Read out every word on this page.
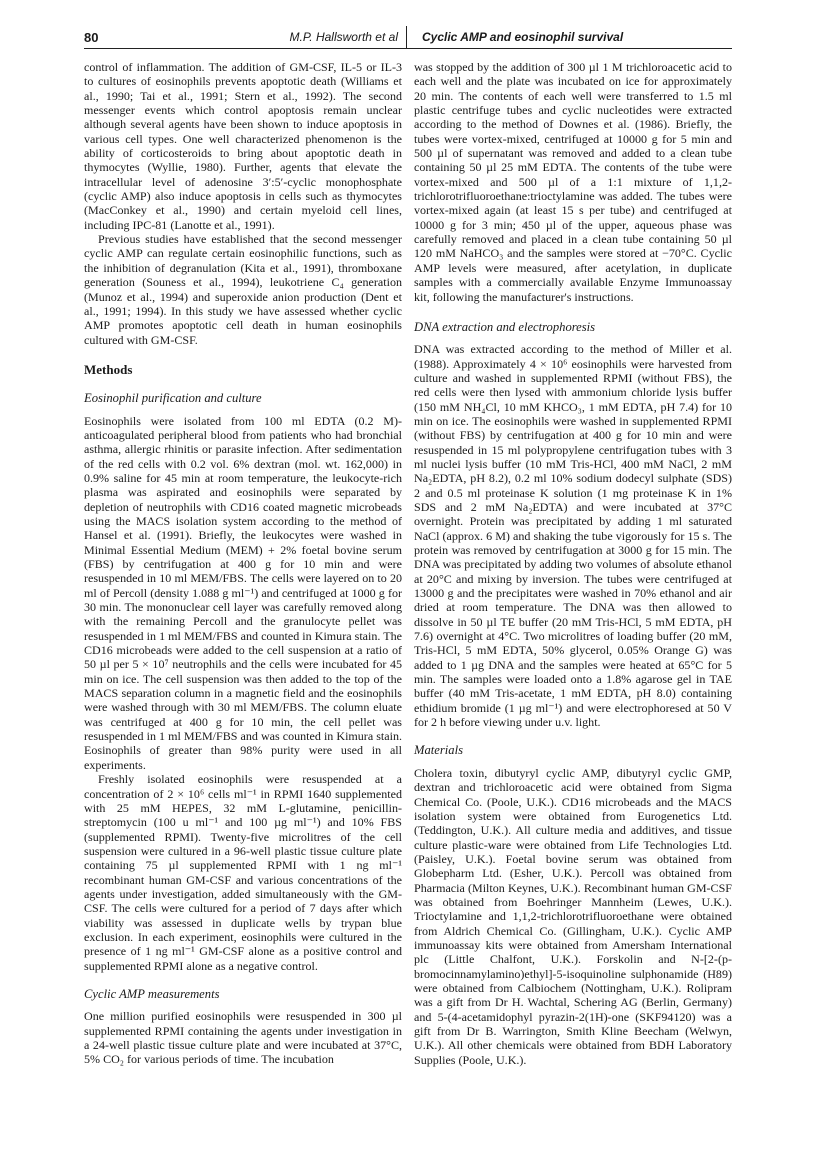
80	M.P. Hallsworth et al Cyclic AMP and eosinophil survival

control of inflammation. The addition of GM-CSF, IL-5 or IL-3 to cultures of eosinophils prevents apoptotic death (Williams et al., 1990; Tai et al., 1991; Stern et al., 1992). The second messenger events which control apoptosis remain unclear although several agents have been shown to induce apoptosis in various cell types. One well characterized phenomenon is the ability of corticosteroids to bring about apoptotic death in thymocytes (Wyllie, 1980). Further, agents that elevate the intracellular level of adenosine 3′:5′-cyclic monophosphate (cyclic AMP) also induce apoptosis in cells such as thymocytes (MacConkey et al., 1990) and certain myeloid cell lines, including IPC-81 (Lanotte et al., 1991).

Previous studies have established that the second messenger cyclic AMP can regulate certain eosinophilic functions, such as the inhibition of degranulation (Kita et al., 1991), thromboxane generation (Souness et al., 1994), leukotriene C₄ generation (Munoz et al., 1994) and superoxide anion production (Dent et al., 1991; 1994). In this study we have assessed whether cyclic AMP promotes apoptotic cell death in human eosinophils cultured with GM-CSF.

Methods
Eosinophil purification and culture

Eosinophils were isolated from 100 ml EDTA (0.2 M)-anticoagulated peripheral blood from patients who had bronchial asthma, allergic rhinitis or parasite infection. After sedimentation of the red cells with 0.2 vol. 6% dextran (mol. wt. 162,000) in 0.9% saline for 45 min at room temperature, the leukocyte-rich plasma was aspirated and eosinophils were separated by depletion of neutrophils with CD16 coated magnetic microbeads using the MACS isolation system according to the method of Hansel et al. (1991). Briefly, the leukocytes were washed in Minimal Essential Medium (MEM) + 2% foetal bovine serum (FBS) by centrifugation at 400 g for 10 min and were resuspended in 10 ml MEM/FBS. The cells were layered on to 20 ml of Percoll (density 1.088 g ml⁻¹) and centrifuged at 1000 g for 30 min. The mononuclear cell layer was carefully removed along with the remaining Percoll and the granulocyte pellet was resuspended in 1 ml MEM/FBS and counted in Kimura stain. The CD16 microbeads were added to the cell suspension at a ratio of 50 µl per 5 × 10⁷ neutrophils and the cells were incubated for 45 min on ice. The cell suspension was then added to the top of the MACS separation column in a magnetic field and the eosinophils were washed through with 30 ml MEM/FBS. The column eluate was centrifuged at 400 g for 10 min, the cell pellet was resuspended in 1 ml MEM/FBS and was counted in Kimura stain. Eosinophils of greater than 98% purity were used in all experiments.

Freshly isolated eosinophils were resuspended at a concentration of 2 × 10⁶ cells ml⁻¹ in RPMI 1640 supplemented with 25 mM HEPES, 32 mM L-glutamine, penicillin-streptomycin (100 u ml⁻¹ and 100 µg ml⁻¹) and 10% FBS (supplemented RPMI). Twenty-five microlitres of the cell suspension were cultured in a 96-well plastic tissue culture plate containing 75 µl supplemented RPMI with 1 ng ml⁻¹ recombinant human GM-CSF and various concentrations of the agents under investigation, added simultaneously with the GM-CSF. The cells were cultured for a period of 7 days after which viability was assessed in duplicate wells by trypan blue exclusion. In each experiment, eosinophils were cultured in the presence of 1 ng ml⁻¹ GM-CSF alone as a positive control and supplemented RPMI alone as a negative control.

Cyclic AMP measurements

One million purified eosinophils were resuspended in 300 µl supplemented RPMI containing the agents under investigation in a 24-well plastic tissue culture plate and were incubated at 37°C, 5% CO₂ for various periods of time. The incubation

was stopped by the addition of 300 µl 1 M trichloroacetic acid to each well and the plate was incubated on ice for approximately 20 min. The contents of each well were transferred to 1.5 ml plastic centrifuge tubes and cyclic nucleotides were extracted according to the method of Downes et al. (1986). Briefly, the tubes were vortex-mixed, centrifuged at 10000 g for 5 min and 500 µl of supernatant was removed and added to a clean tube containing 50 µl 25 mM EDTA. The contents of the tube were vortex-mixed and 500 µl of a 1:1 mixture of 1,1,2-trichlorotrifluoroethane:trioctylamine was added. The tubes were vortex-mixed again (at least 15 s per tube) and centrifuged at 10000 g for 3 min; 450 µl of the upper, aqueous phase was carefully removed and placed in a clean tube containing 50 µl 120 mM NaHCO₃ and the samples were stored at −70°C. Cyclic AMP levels were measured, after acetylation, in duplicate samples with a commercially available Enzyme Immunoassay kit, following the manufacturer's instructions.

DNA extraction and electrophoresis

DNA was extracted according to the method of Miller et al. (1988). Approximately 4 × 10⁶ eosinophils were harvested from culture and washed in supplemented RPMI (without FBS), the red cells were then lysed with ammonium chloride lysis buffer (150 mM NH₄Cl, 10 mM KHCO₃, 1 mM EDTA, pH 7.4) for 10 min on ice. The eosinophils were washed in supplemented RPMI (without FBS) by centrifugation at 400 g for 10 min and were resuspended in 15 ml polypropylene centrifugation tubes with 3 ml nuclei lysis buffer (10 mM Tris-HCl, 400 mM NaCl, 2 mM Na₂EDTA, pH 8.2), 0.2 ml 10% sodium dodecyl sulphate (SDS) 2 and 0.5 ml proteinase K solution (1 mg proteinase K in 1% SDS and 2 mM Na₂EDTA) and were incubated at 37°C overnight. Protein was precipitated by adding 1 ml saturated NaCl (approx. 6 M) and shaking the tube vigorously for 15 s. The protein was removed by centrifugation at 3000 g for 15 min. The DNA was precipitated by adding two volumes of absolute ethanol at 20°C and mixing by inversion. The tubes were centrifuged at 13000 g and the precipitates were washed in 70% ethanol and air dried at room temperature. The DNA was then allowed to dissolve in 50 µl TE buffer (20 mM Tris-HCl, 5 mM EDTA, pH 7.6) overnight at 4°C. Two microlitres of loading buffer (20 mM, Tris-HCl, 5 mM EDTA, 50% glycerol, 0.05% Orange G) was added to 1 µg DNA and the samples were heated at 65°C for 5 min. The samples were loaded onto a 1.8% agarose gel in TAE buffer (40 mM Tris-acetate, 1 mM EDTA, pH 8.0) containing ethidium bromide (1 µg ml⁻¹) and were electrophoresed at 50 V for 2 h before viewing under u.v. light.

Materials

Cholera toxin, dibutyryl cyclic AMP, dibutyryl cyclic GMP, dextran and trichloroacetic acid were obtained from Sigma Chemical Co. (Poole, U.K.). CD16 microbeads and the MACS isolation system were obtained from Eurogenetics Ltd. (Teddington, U.K.). All culture media and additives, and tissue culture plastic-ware were obtained from Life Technologies Ltd. (Paisley, U.K.). Foetal bovine serum was obtained from Globepharm Ltd. (Esher, U.K.). Percoll was obtained from Pharmacia (Milton Keynes, U.K.). Recombinant human GM-CSF was obtained from Boehringer Mannheim (Lewes, U.K.). Trioctylamine and 1,1,2-trichlorotrifluoroethane were obtained from Aldrich Chemical Co. (Gillingham, U.K.). Cyclic AMP immunoassay kits were obtained from Amersham International plc (Little Chalfont, U.K.). Forskolin and N-[2-(p-bromocinnamylamino)ethyl]-5-isoquinoline sulphonamide (H89) were obtained from Calbiochem (Nottingham, U.K.). Rolipram was a gift from Dr H. Wachtal, Schering AG (Berlin, Germany) and 5-(4-acetamidophyl pyrazin-2(1H)-one (SKF94120) was a gift from Dr B. Warrington, Smith Kline Beecham (Welwyn, U.K.). All other chemicals were obtained from BDH Laboratory Supplies (Poole, U.K.).
